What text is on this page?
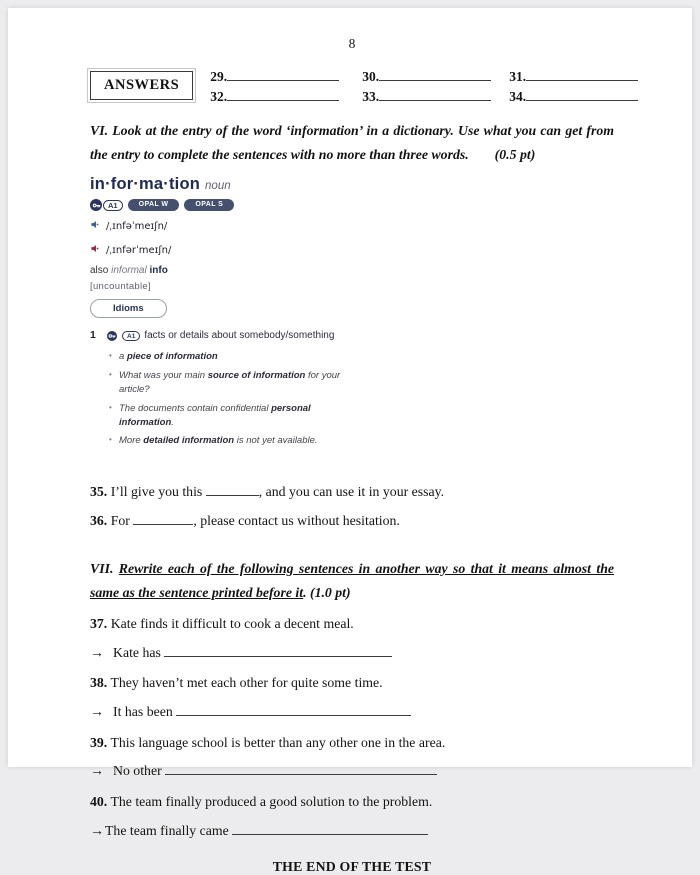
8
ANSWERS
29.	30.	31.
32.	33.	34.

VI. Look at the entry of the word ‘information’ in a dictionary. Use what you can get from the entry to complete the sentences with no more than three words. (0.5 pt)

in·for·ma·tion noun
A1	OPAL W	OPAL S
/ˌɪnfəˈmeɪʃn/
/ˌɪnfərˈmeɪʃn/
also informal info
[uncountable]
Idioms
1	A1 facts or details about somebody/something
• a piece of information
• What was your main source of information for your article?
• The documents contain confidential personal information.
• More detailed information is not yet available.

35. I’ll give you this	, and you can use it in your essay.

36. For	, please contact us without hesitation.

VII. Rewrite each of the following sentences in another way so that it means almost the same as the sentence printed before it. (1.0 pt)

37. Kate finds it difficult to cook a decent meal.

→ Kate has

38. They haven’t met each other for quite some time.

→ It has been

39. This language school is better than any other one in the area.

→ No other

40. The team finally produced a good solution to the problem.

→The team finally came

THE END OF THE TEST
